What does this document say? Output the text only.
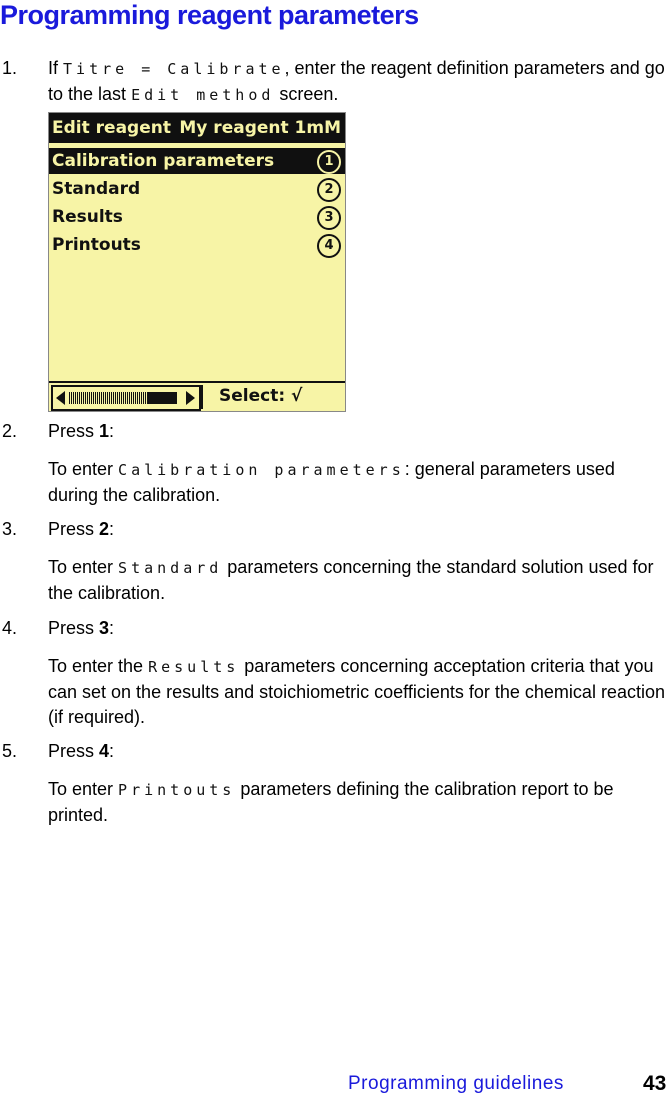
Programming reagent parameters
1. If Titre = Calibrate, enter the reagent definition parameters and go to the last Edit method screen.
Edit reagent My reagent 1mM
Calibration parameters	1
Standard	2
Results	3
Printouts	4
Select: √
2. Press 1:
To enter Calibration parameters: general parameters used during the calibration.
3. Press 2:
To enter Standard parameters concerning the standard solution used for the calibration.
4. Press 3:
To enter the Results parameters concerning acceptation criteria that you can set on the results and stoichiometric coefficients for the chemical reaction (if required).
5. Press 4:
To enter Printouts parameters defining the calibration report to be printed.
Programming guidelines	43
